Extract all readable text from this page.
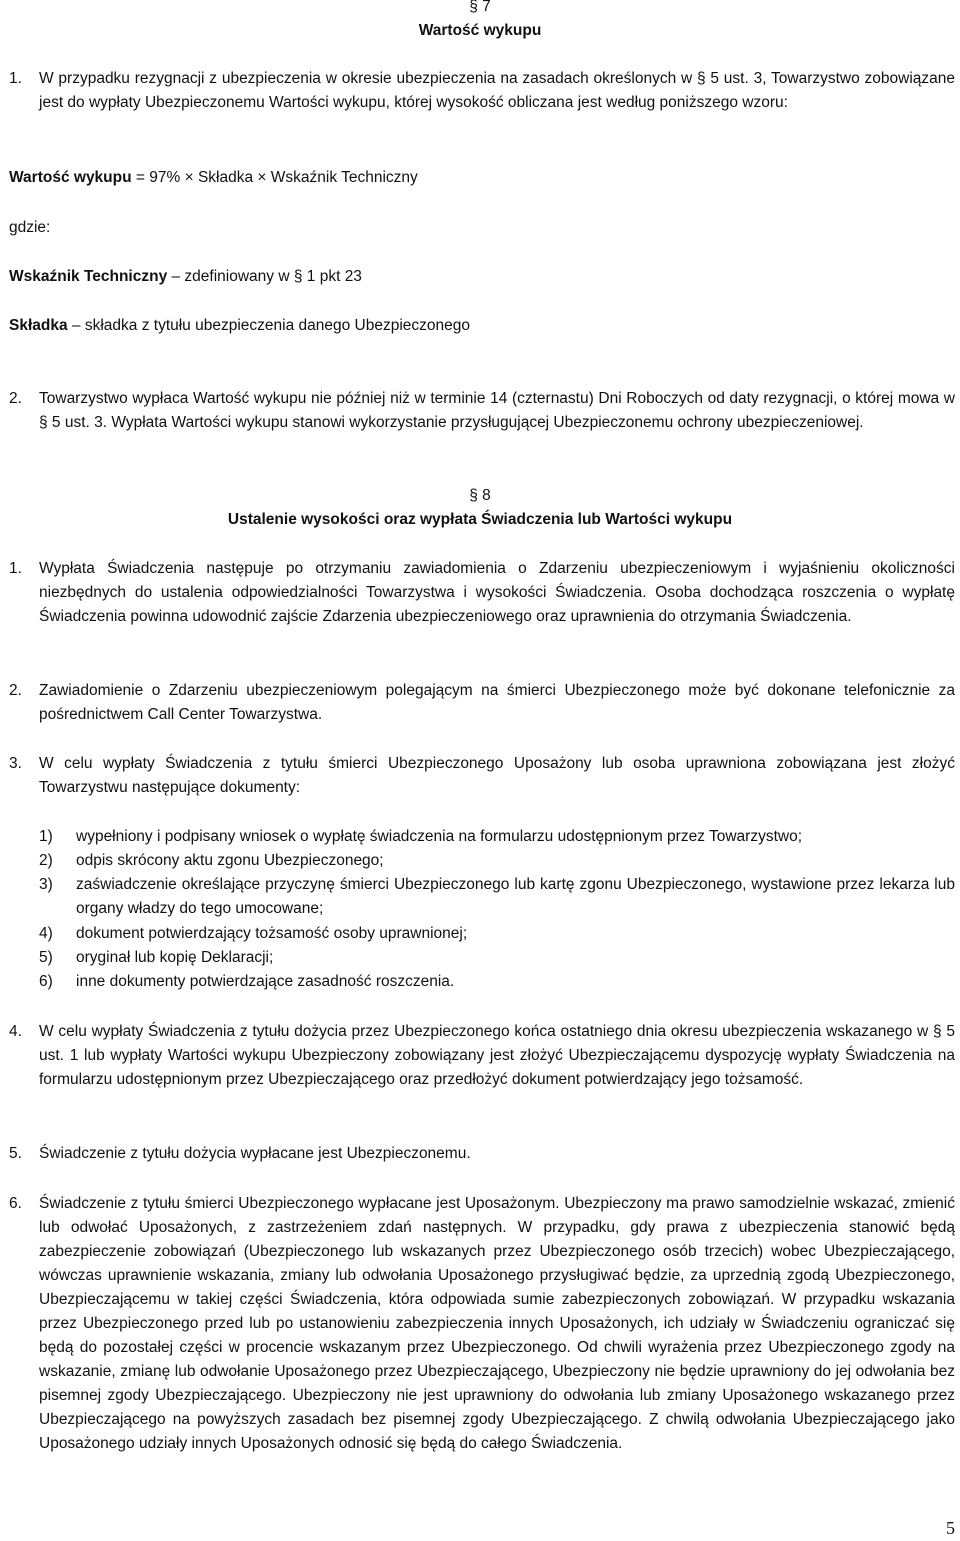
§ 7
Wartość wykupu
1. W przypadku rezygnacji z ubezpieczenia w okresie ubezpieczenia na zasadach określonych w § 5 ust. 3, Towarzystwo zobowiązane jest do wypłaty Ubezpieczonemu Wartości wykupu, której wysokość obliczana jest według poniższego wzoru:
Wartość wykupu = 97% × Składka × Wskaźnik Techniczny
gdzie:
Wskaźnik Techniczny – zdefiniowany w § 1 pkt 23
Składka – składka z tytułu ubezpieczenia danego Ubezpieczonego
2. Towarzystwo wypłaca Wartość wykupu nie później niż w terminie 14 (czternastu) Dni Roboczych od daty rezygnacji, o której mowa w § 5 ust. 3. Wypłata Wartości wykupu stanowi wykorzystanie przysługującej Ubezpieczonemu ochrony ubezpieczeniowej.
§ 8
Ustalenie wysokości oraz wypłata Świadczenia lub Wartości wykupu
1. Wypłata Świadczenia następuje po otrzymaniu zawiadomienia o Zdarzeniu ubezpieczeniowym i wyjaśnieniu okoliczności niezbędnych do ustalenia odpowiedzialności Towarzystwa i wysokości Świadczenia. Osoba dochodząca roszczenia o wypłatę Świadczenia powinna udowodnić zajście Zdarzenia ubezpieczeniowego oraz uprawnienia do otrzymania Świadczenia.
2. Zawiadomienie o Zdarzeniu ubezpieczeniowym polegającym na śmierci Ubezpieczonego może być dokonane telefonicznie za pośrednictwem Call Center Towarzystwa.
3. W celu wypłaty Świadczenia z tytułu śmierci Ubezpieczonego Uposażony lub osoba uprawniona zobowiązana jest złożyć Towarzystwu następujące dokumenty:
1) wypełniony i podpisany wniosek o wypłatę świadczenia na formularzu udostępnionym przez Towarzystwo;
2) odpis skrócony aktu zgonu Ubezpieczonego;
3) zaświadczenie określające przyczynę śmierci Ubezpieczonego lub kartę zgonu Ubezpieczonego, wystawione przez lekarza lub organy władzy do tego umocowane;
4) dokument potwierdzający tożsamość osoby uprawnionej;
5) oryginał lub kopię Deklaracji;
6) inne dokumenty potwierdzające zasadność roszczenia.
4. W celu wypłaty Świadczenia z tytułu dożycia przez Ubezpieczonego końca ostatniego dnia okresu ubezpieczenia wskazanego w § 5 ust. 1 lub wypłaty Wartości wykupu Ubezpieczony zobowiązany jest złożyć Ubezpieczającemu dyspozycję wypłaty Świadczenia na formularzu udostępnionym przez Ubezpieczającego oraz przedłożyć dokument potwierdzający jego tożsamość.
5. Świadczenie z tytułu dożycia wypłacane jest Ubezpieczonemu.
6. Świadczenie z tytułu śmierci Ubezpieczonego wypłacane jest Uposażonym. Ubezpieczony ma prawo samodzielnie wskazać, zmienić lub odwołać Uposażonych, z zastrzeżeniem zdań następnych. W przypadku, gdy prawa z ubezpieczenia stanowić będą zabezpieczenie zobowiązań (Ubezpieczonego lub wskazanych przez Ubezpieczonego osób trzecich) wobec Ubezpieczającego, wówczas uprawnienie wskazania, zmiany lub odwołania Uposażonego przysługiwać będzie, za uprzednią zgodą Ubezpieczonego, Ubezpieczającemu w takiej części Świadczenia, która odpowiada sumie zabezpieczonych zobowiązań. W przypadku wskazania przez Ubezpieczonego przed lub po ustanowieniu zabezpieczenia innych Uposażonych, ich udziały w Świadczeniu ograniczać się będą do pozostałej części w procencie wskazanym przez Ubezpieczonego. Od chwili wyrażenia przez Ubezpieczonego zgody na wskazanie, zmianę lub odwołanie Uposażonego przez Ubezpieczającego, Ubezpieczony nie będzie uprawniony do jej odwołania bez pisemnej zgody Ubezpieczającego. Ubezpieczony nie jest uprawniony do odwołania lub zmiany Uposażonego wskazanego przez Ubezpieczającego na powyższych zasadach bez pisemnej zgody Ubezpieczającego. Z chwilą odwołania Ubezpieczającego jako Uposażonego udziały innych Uposażonych odnosić się będą do całego Świadczenia.
5
